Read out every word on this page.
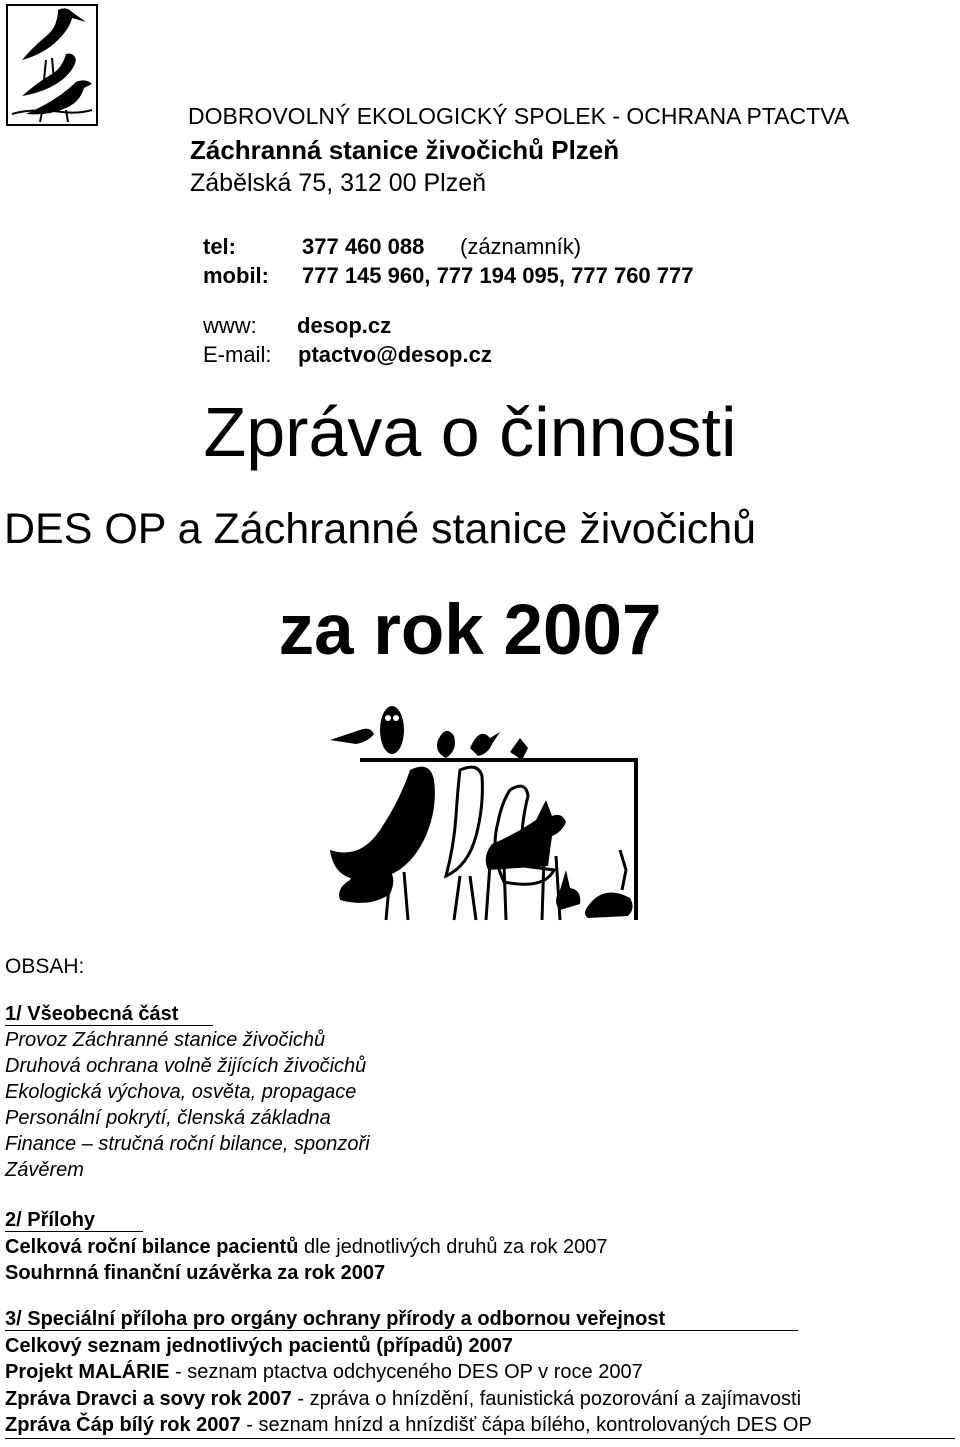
DOBROVOLNÝ EKOLOGICKÝ SPOLEK - OCHRANA PTACTVA
Záchranná stanice živočichů Plzeň
Zábělská 75, 312 00 Plzeň
tel:	377 460 088 (záznamník)
mobil: 777 145 960, 777 194 095, 777 760 777
www: desop.cz
E-mail: ptactvo@desop.cz
Zpráva o činnosti
DES OP a Záchranné stanice živočichů
za rok 2007
OBSAH:
1/ Všeobecná část
Provoz Záchranné stanice živočichů
Druhová ochrana volně žijících živočichů
Ekologická výchova, osvěta, propagace
Personální pokrytí, členská základna
Finance – stručná roční bilance, sponzoři
Závěrem
2/ Přílohy
Celková roční bilance pacientů dle jednotlivých druhů za rok 2007
Souhrnná finanční uzávěrka za rok 2007
3/ Speciální příloha pro orgány ochrany přírody a odbornou veřejnost
Celkový seznam jednotlivých pacientů (případů) 2007
Projekt MALÁRIE - seznam ptactva odchyceného DES OP v roce 2007
Zpráva Dravci a sovy rok 2007 - zpráva o hnízdění, faunistická pozorování a zajímavosti
Zpráva Čáp bílý rok 2007 - seznam hnízd a hnízdišť čápa bílého, kontrolovaných DES OP
